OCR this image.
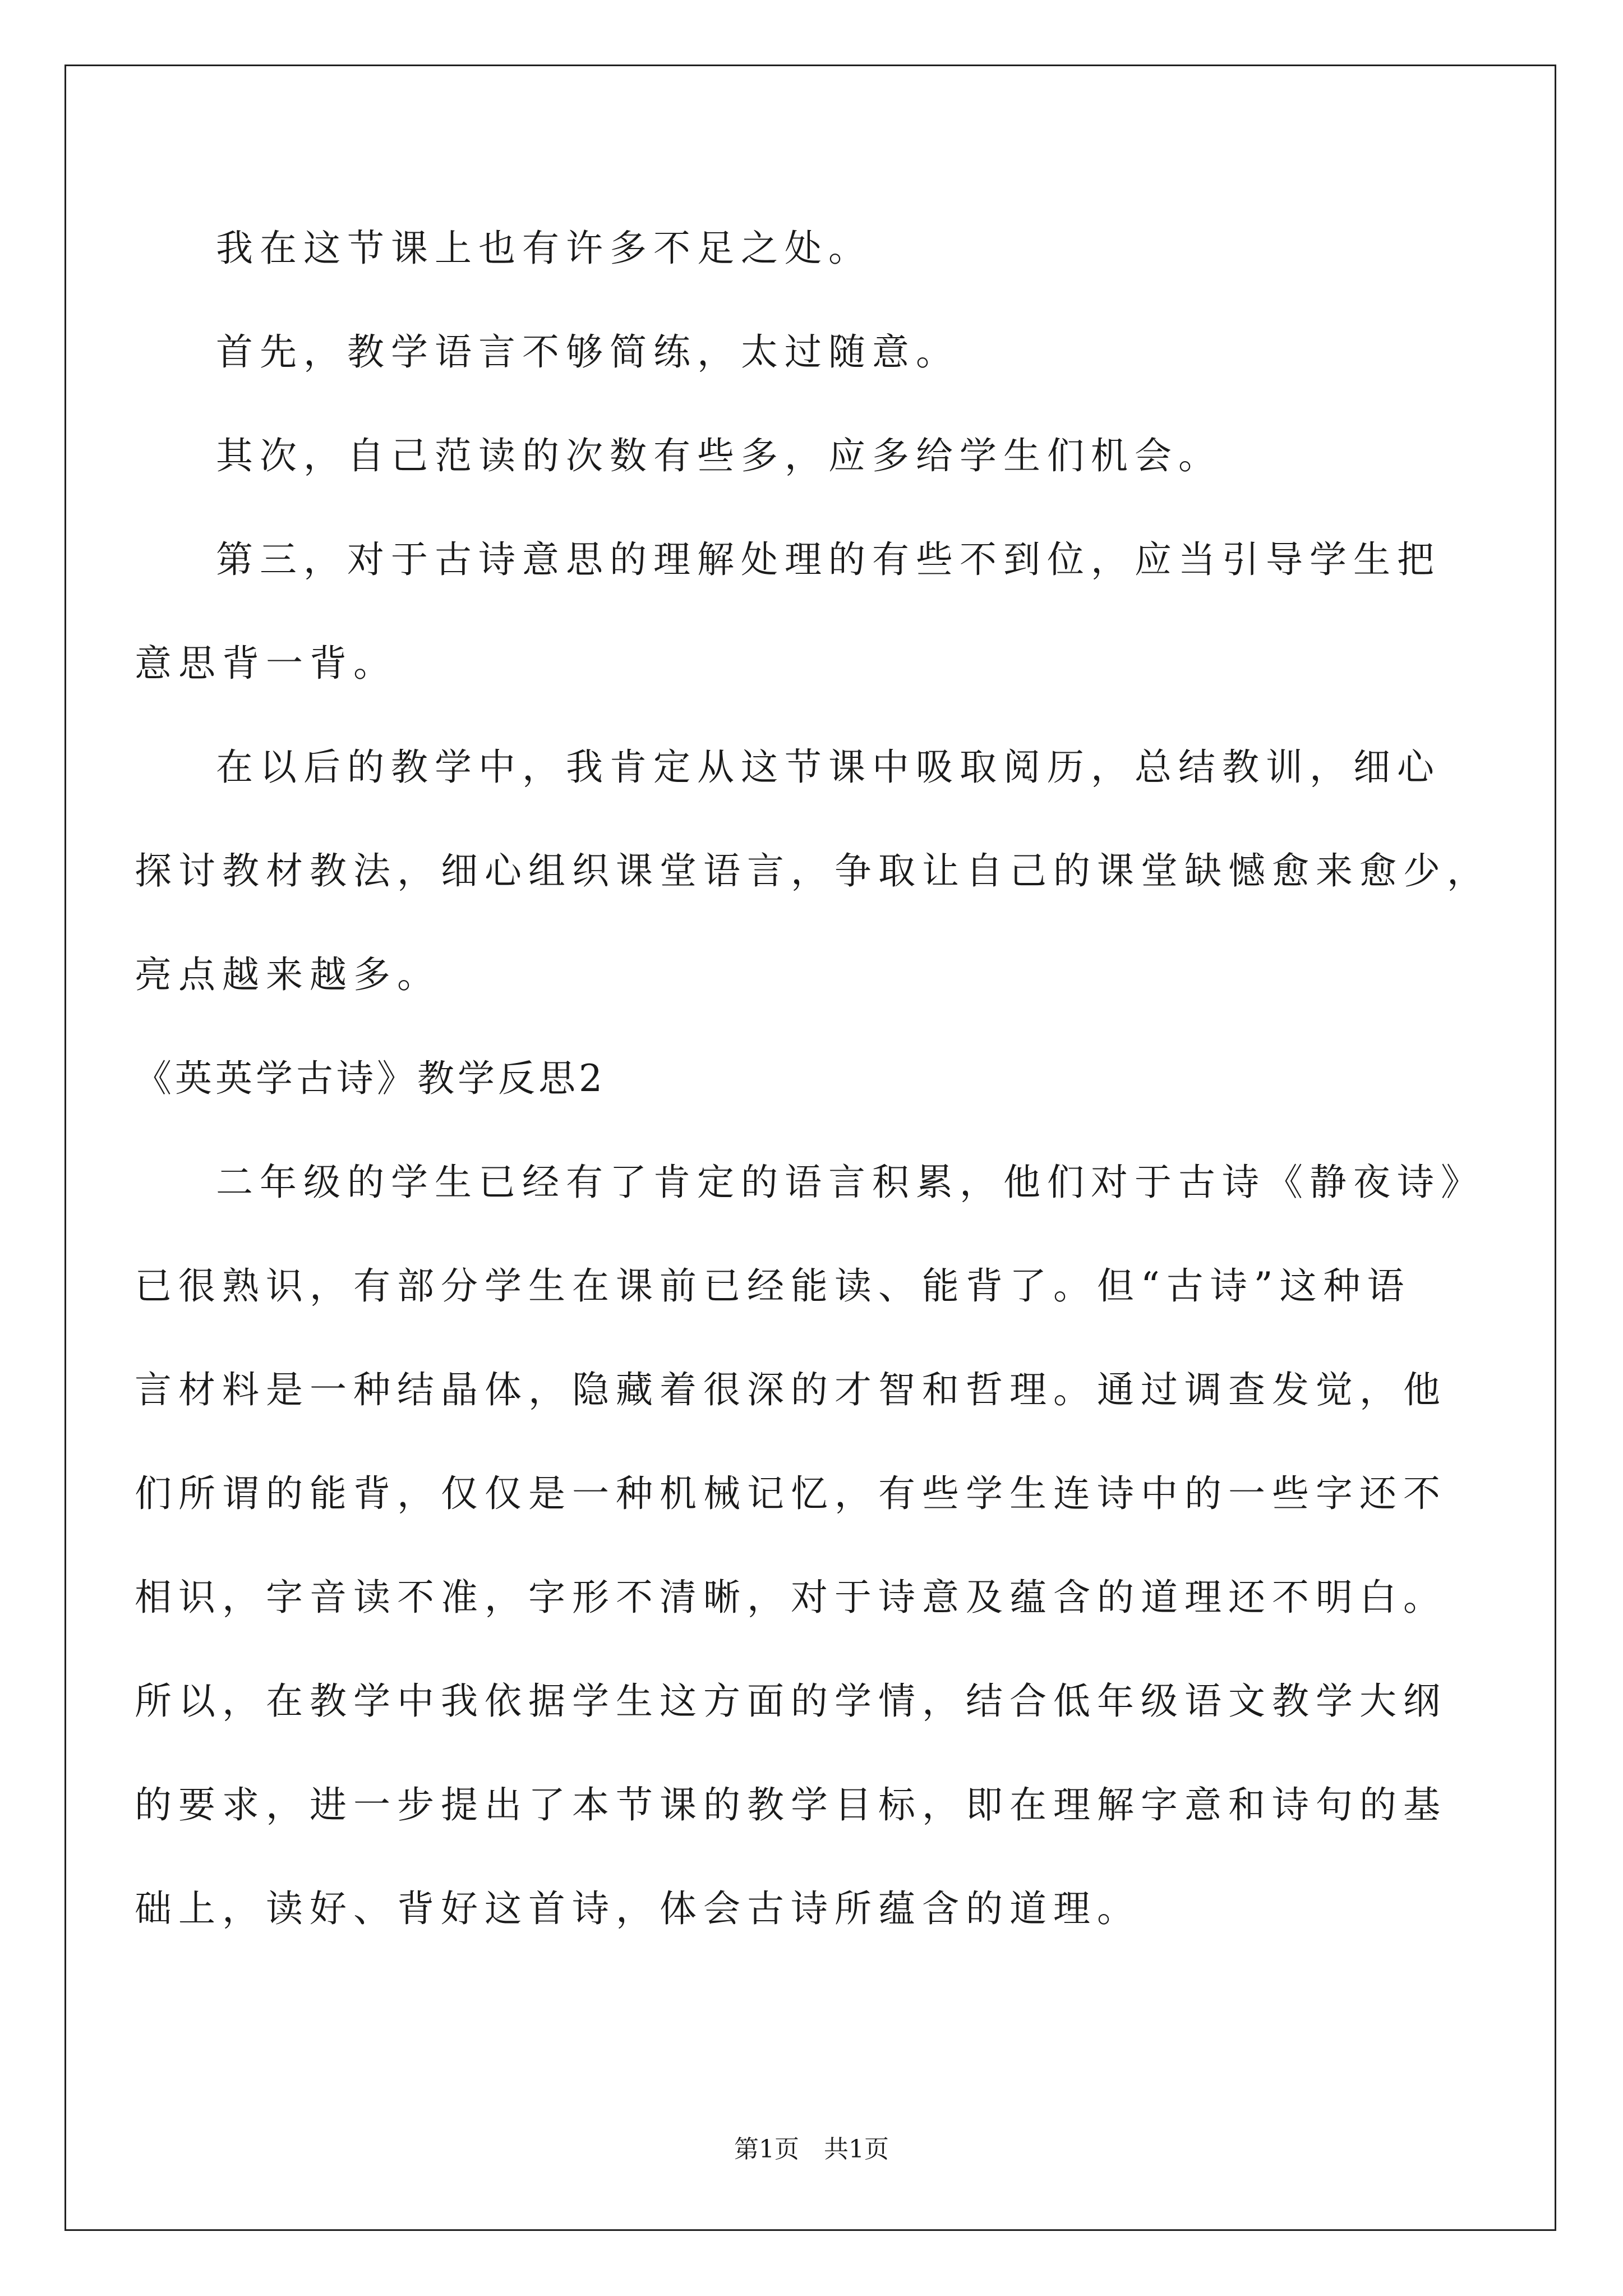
我在这节课上也有许多不足之处。
首先，教学语言不够简练，太过随意。
其次，自己范读的次数有些多，应多给学生们机会。
第三，对于古诗意思的理解处理的有些不到位，应当引导学生把
意思背一背。
在以后的教学中，我肯定从这节课中吸取阅历，总结教训，细心
探讨教材教法，细心组织课堂语言，争取让自己的课堂缺憾愈来愈少，
亮点越来越多。
《英英学古诗》教学反思2
二年级的学生已经有了肯定的语言积累，他们对于古诗《静夜诗》
已很熟识，有部分学生在课前已经能读、能背了。但“古诗”这种语
言材料是一种结晶体，隐藏着很深的才智和哲理。通过调查发觉，他
们所谓的能背，仅仅是一种机械记忆，有些学生连诗中的一些字还不
相识，字音读不准，字形不清晰，对于诗意及蕴含的道理还不明白。
所以，在教学中我依据学生这方面的学情，结合低年级语文教学大纲
的要求，进一步提出了本节课的教学目标，即在理解字意和诗句的基
础上，读好、背好这首诗，体会古诗所蕴含的道理。
第1页　共1页
